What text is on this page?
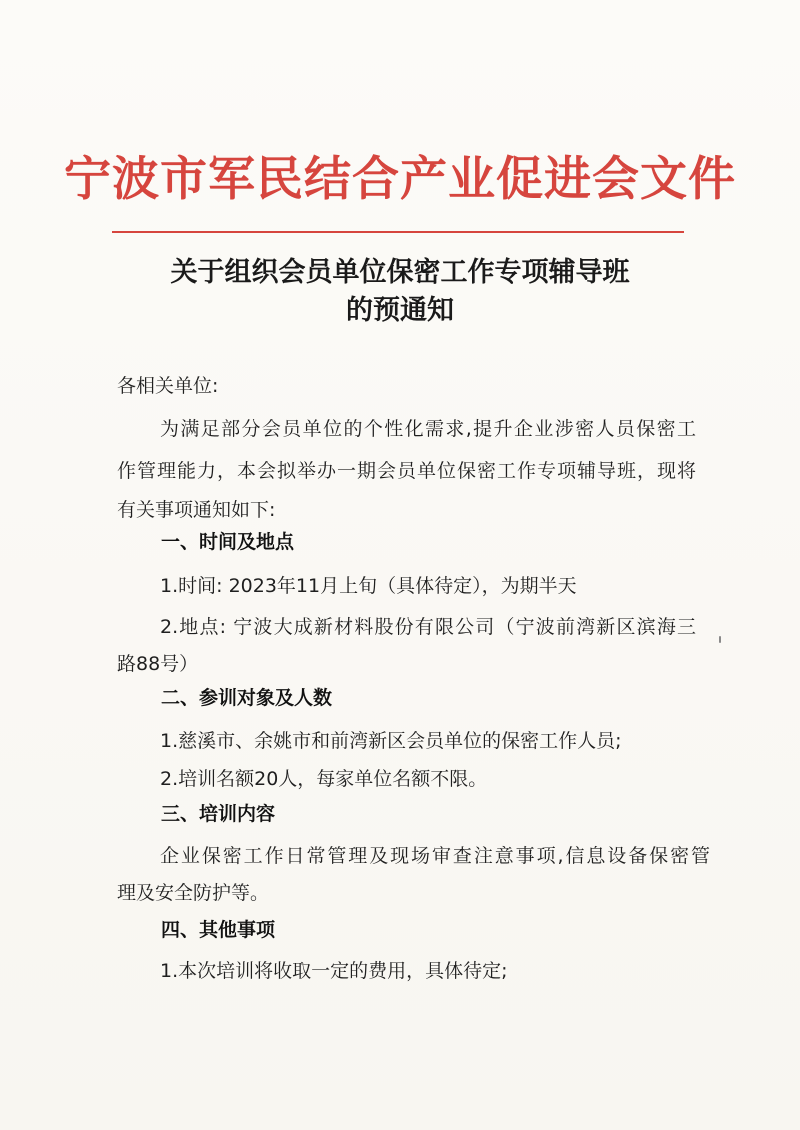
宁波市军民结合产业促进会文件
关于组织会员单位保密工作专项辅导班
的预通知
各相关单位:
为满足部分会员单位的个性化需求,提升企业涉密人员保密工
作管理能力，本会拟举办一期会员单位保密工作专项辅导班，现将
有关事项通知如下:
一、时间及地点
1.时间: 2023年11月上旬（具体待定），为期半天
2.地点: 宁波大成新材料股份有限公司（宁波前湾新区滨海三
路88号）
二、参训对象及人数
1.慈溪市、余姚市和前湾新区会员单位的保密工作人员;
2.培训名额20人，每家单位名额不限。
三、培训内容
企业保密工作日常管理及现场审查注意事项,信息设备保密管
理及安全防护等。
四、其他事项
1.本次培训将收取一定的费用，具体待定;
